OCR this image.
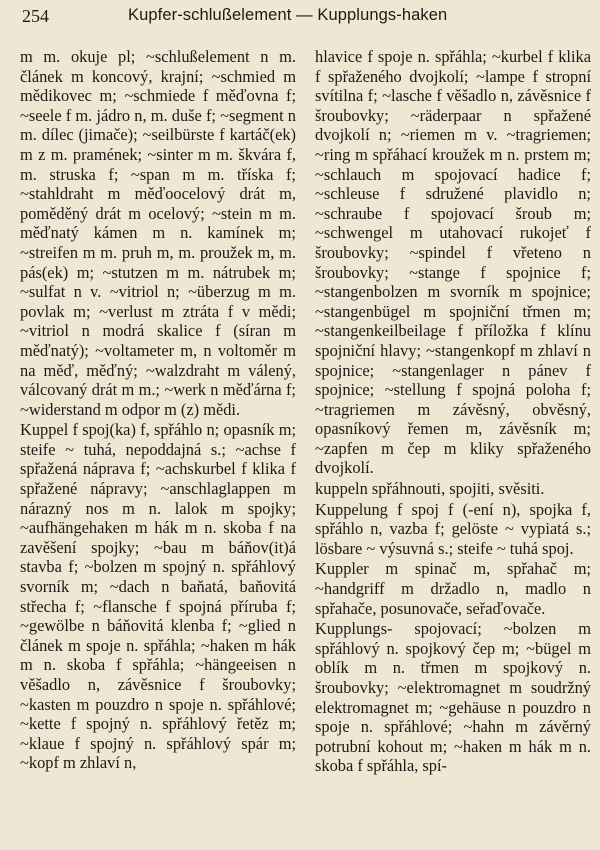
254	Kupfer-schlußelement — Kupplungs-haken

m m. okuje pl; ~schlußelement n m. článek m koncový, krajní; ~schmied m mědikovec m; ~schmiede f měďovna f; ~seele f m. jádro n, m. duše f; ~segment n m. dílec (jimače); ~seilbürste f kartáč(ek) m z m. pramének; ~sinter m m. škvára f, m. struska f; ~span m m. tříska f; ~stahldraht m měďoocelový drát m, poměděný drát m ocelový; ~stein m m. měďnatý kámen m n. kamínek m; ~streifen m m. pruh m, m. proužek m, m. pás(ek) m; ~stutzen m m. nátrubek m; ~sulfat n v. ~vitriol n; ~überzug m m. povlak m; ~verlust m ztráta f v mědi; ~vitriol n modrá skalice f (síran m měďnatý); ~voltameter m, n voltoměr m na měď, měďný; ~walzdraht m válený, válcovaný drát m m.; ~werk n měďárna f; ~widerstand m odpor m (z) mědi.

Kuppel f spoj(ka) f, spřáhlo n; opasník m; steife ~ tuhá, nepoddajná s.; ~achse f spřažená náprava f; ~achskurbel f klika f spřažené nápravy; ~anschlaglappen m nárazný nos m n. lalok m spojky; ~aufhängehaken m hák m n. skoba f na zavěšení spojky; ~bau m báňov(it)á stavba f; ~bolzen m spojný n. spřáhlový svorník m; ~dach n baňatá, baňovitá střecha f; ~flansche f spojná příruba f; ~gewölbe n báňovitá klenba f; ~glied n článek m spoje n. spřáhla; ~haken m hák m n. skoba f spřáhla; ~hängeeisen n věšadlo n, závěsnice f šroubovky; ~kasten m pouzdro n spoje n. spřáhlové; ~kette f spojný n. spřáhlový řetěz m; ~klaue f spojný n. spřáhlový spár m; ~kopf m zhlaví n,

hlavice f spoje n. spřáhla; ~kurbel f klika f spřaženého dvojkolí; ~lampe f stropní svítilna f; ~lasche f věšadlo n, závěsnice f šroubovky; ~räderpaar n spřažené dvojkolí n; ~riemen m v. ~tragriemen; ~ring m spřáhací kroužek m n. prstem m; ~schlauch m spojovací hadice f; ~schleuse f sdružené plavidlo n; ~schraube f spojovací šroub m; ~schwengel m utahovací rukojeť f šroubovky; ~spindel f vřeteno n šroubovky; ~stange f spojnice f; ~stangenbolzen m svorník m spojnice; ~stangenbügel m spojniční třmen m; ~stangenkeilbeilage f příložka f klínu spojniční hlavy; ~stangenkopf m zhlaví n spojnice; ~stangenlager n pánev f spojnice; ~stellung f spojná poloha f; ~tragriemen m závěsný, obvěsný, opasníkový řemen m, závěsník m; ~zapfen m čep m kliky spřaženého dvojkolí.

kuppeln spřáhnouti, spojiti, svěsiti.

Kuppelung f spoj f (-ení n), spojka f, spřáhlo n, vazba f; gelöste ~ vypiatá s.; lösbare ~ výsuvná s.; steife ~ tuhá spoj.

Kuppler m spinač m, spřahač m; ~handgriff m držadlo n, madlo n spřahače, posunovače, seřaďovače.

Kupplungs- spojovací; ~bolzen m spřáhlový n. spojkový čep m; ~bügel m oblík m n. třmen m spojkový n. šroubovky; ~elektromagnet m soudržný elektromagnet m; ~gehäuse n pouzdro n spoje n. spřáhlové; ~hahn m závěrný potrubní kohout m; ~haken m hák m n. skoba f spřáhla, spí-
